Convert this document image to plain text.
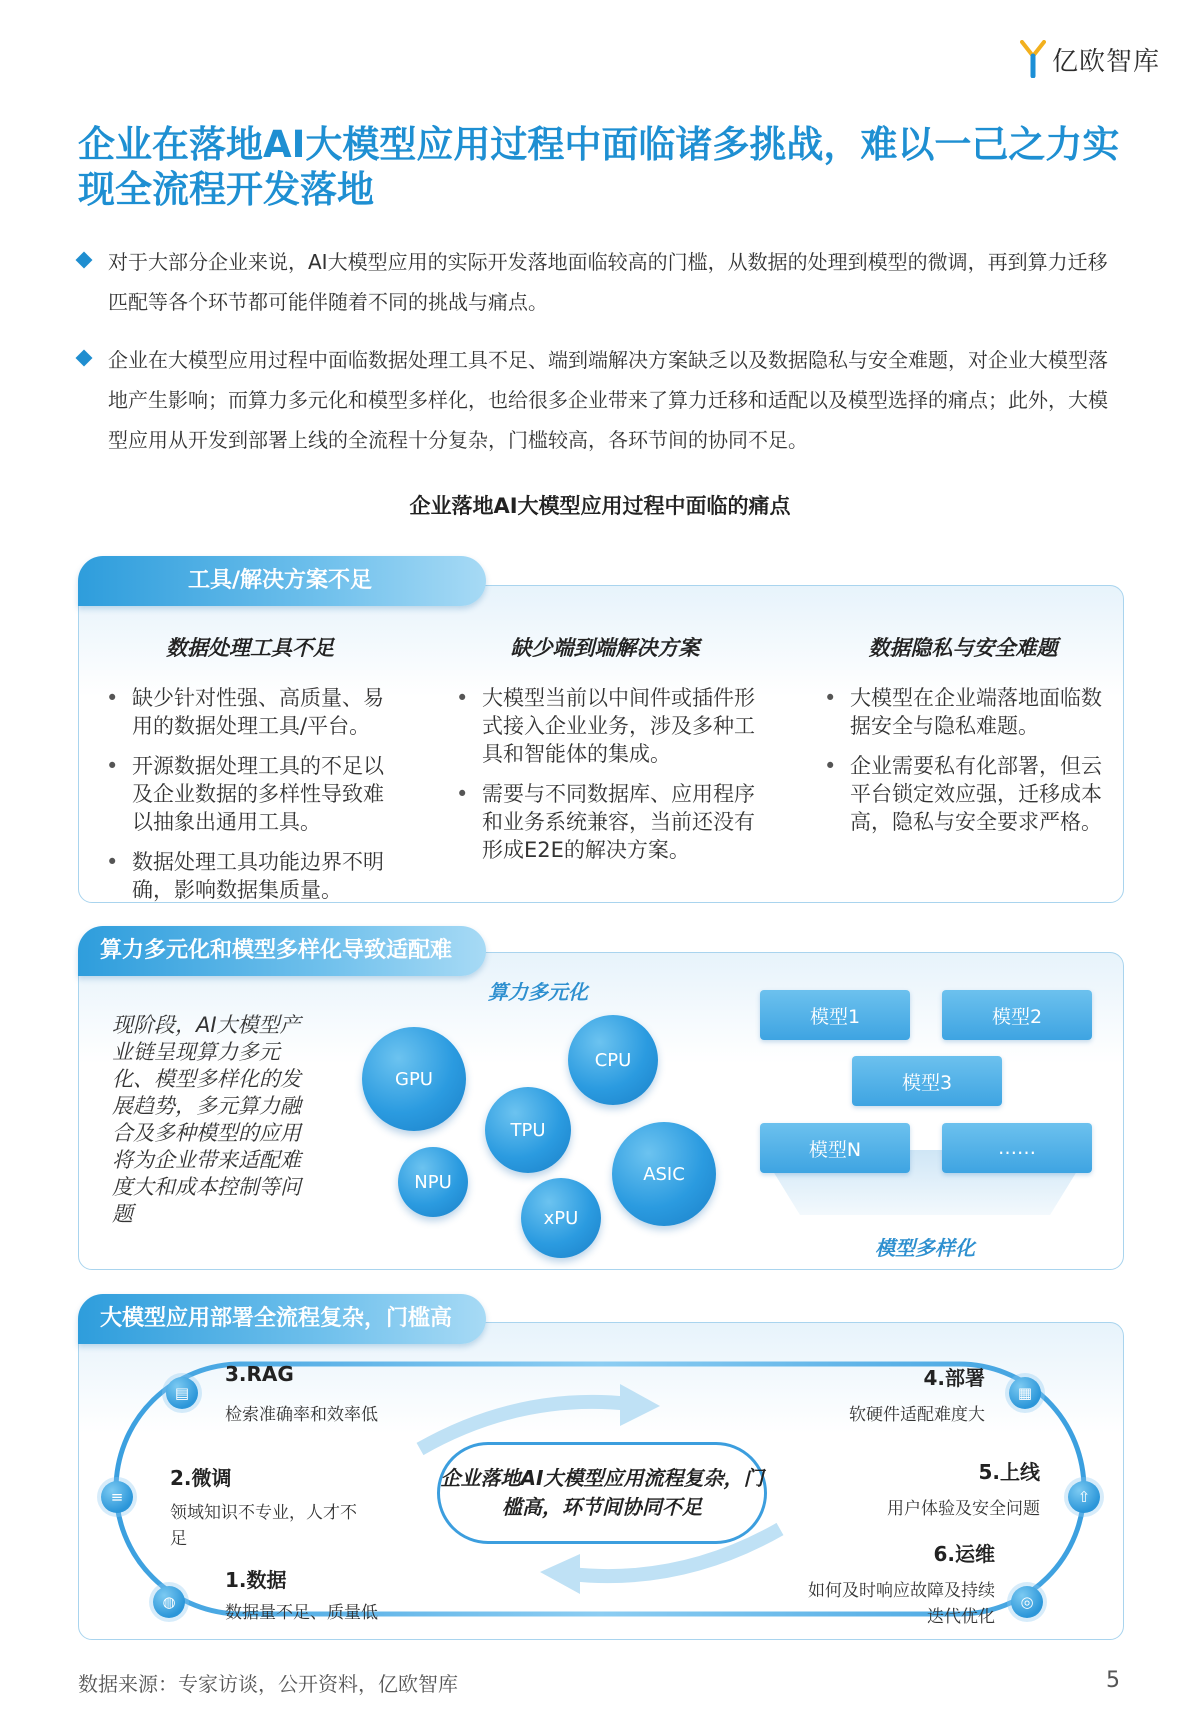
亿欧智库
企业在落地AI大模型应用过程中面临诸多挑战，难以一己之力实现全流程开发落地
对于大部分企业来说，AI大模型应用的实际开发落地面临较高的门槛，从数据的处理到模型的微调，再到算力迁移匹配等各个环节都可能伴随着不同的挑战与痛点。
企业在大模型应用过程中面临数据处理工具不足、端到端解决方案缺乏以及数据隐私与安全难题，对企业大模型落地产生影响；而算力多元化和模型多样化，也给很多企业带来了算力迁移和适配以及模型选择的痛点；此外，大模型应用从开发到部署上线的全流程十分复杂，门槛较高，各环节间的协同不足。
企业落地AI大模型应用过程中面临的痛点
工具/解决方案不足
数据处理工具不足
• 缺少针对性强、高质量、易用的数据处理工具/平台。
• 开源数据处理工具的不足以及企业数据的多样性导致难以抽象出通用工具。
• 数据处理工具功能边界不明确，影响数据集质量。
缺少端到端解决方案
• 大模型当前以中间件或插件形式接入企业业务，涉及多种工具和智能体的集成。
• 需要与不同数据库、应用程序和业务系统兼容，当前还没有形成E2E的解决方案。
数据隐私与安全难题
• 大模型在企业端落地面临数据安全与隐私难题。
• 企业需要私有化部署，但云平台锁定效应强，迁移成本高，隐私与安全要求严格。
算力多元化和模型多样化导致适配难
现阶段，AI大模型产业链呈现算力多元化、模型多样化的发展趋势，多元算力融合及多种模型的应用将为企业带来适配难度大和成本控制等问题
算力多元化
GPU
CPU
TPU
NPU	ASIC
xPU
模型1	模型2
模型3
模型N	……
模型多样化
大模型应用部署全流程复杂，门槛高
企业落地AI大模型应用流程复杂，门槛高，环节间协同不足
▤
3.RAG
检索准确率和效率低
≡
2.微调
领域知识不专业，人才不足
◍
1.数据
数据量不足、质量低
▦
4.部署
软硬件适配难度大
⇧
5.上线
用户体验及安全问题
◎
6.运维
如何及时响应故障及持续迭代优化
数据来源：专家访谈，公开资料，亿欧智库	5
